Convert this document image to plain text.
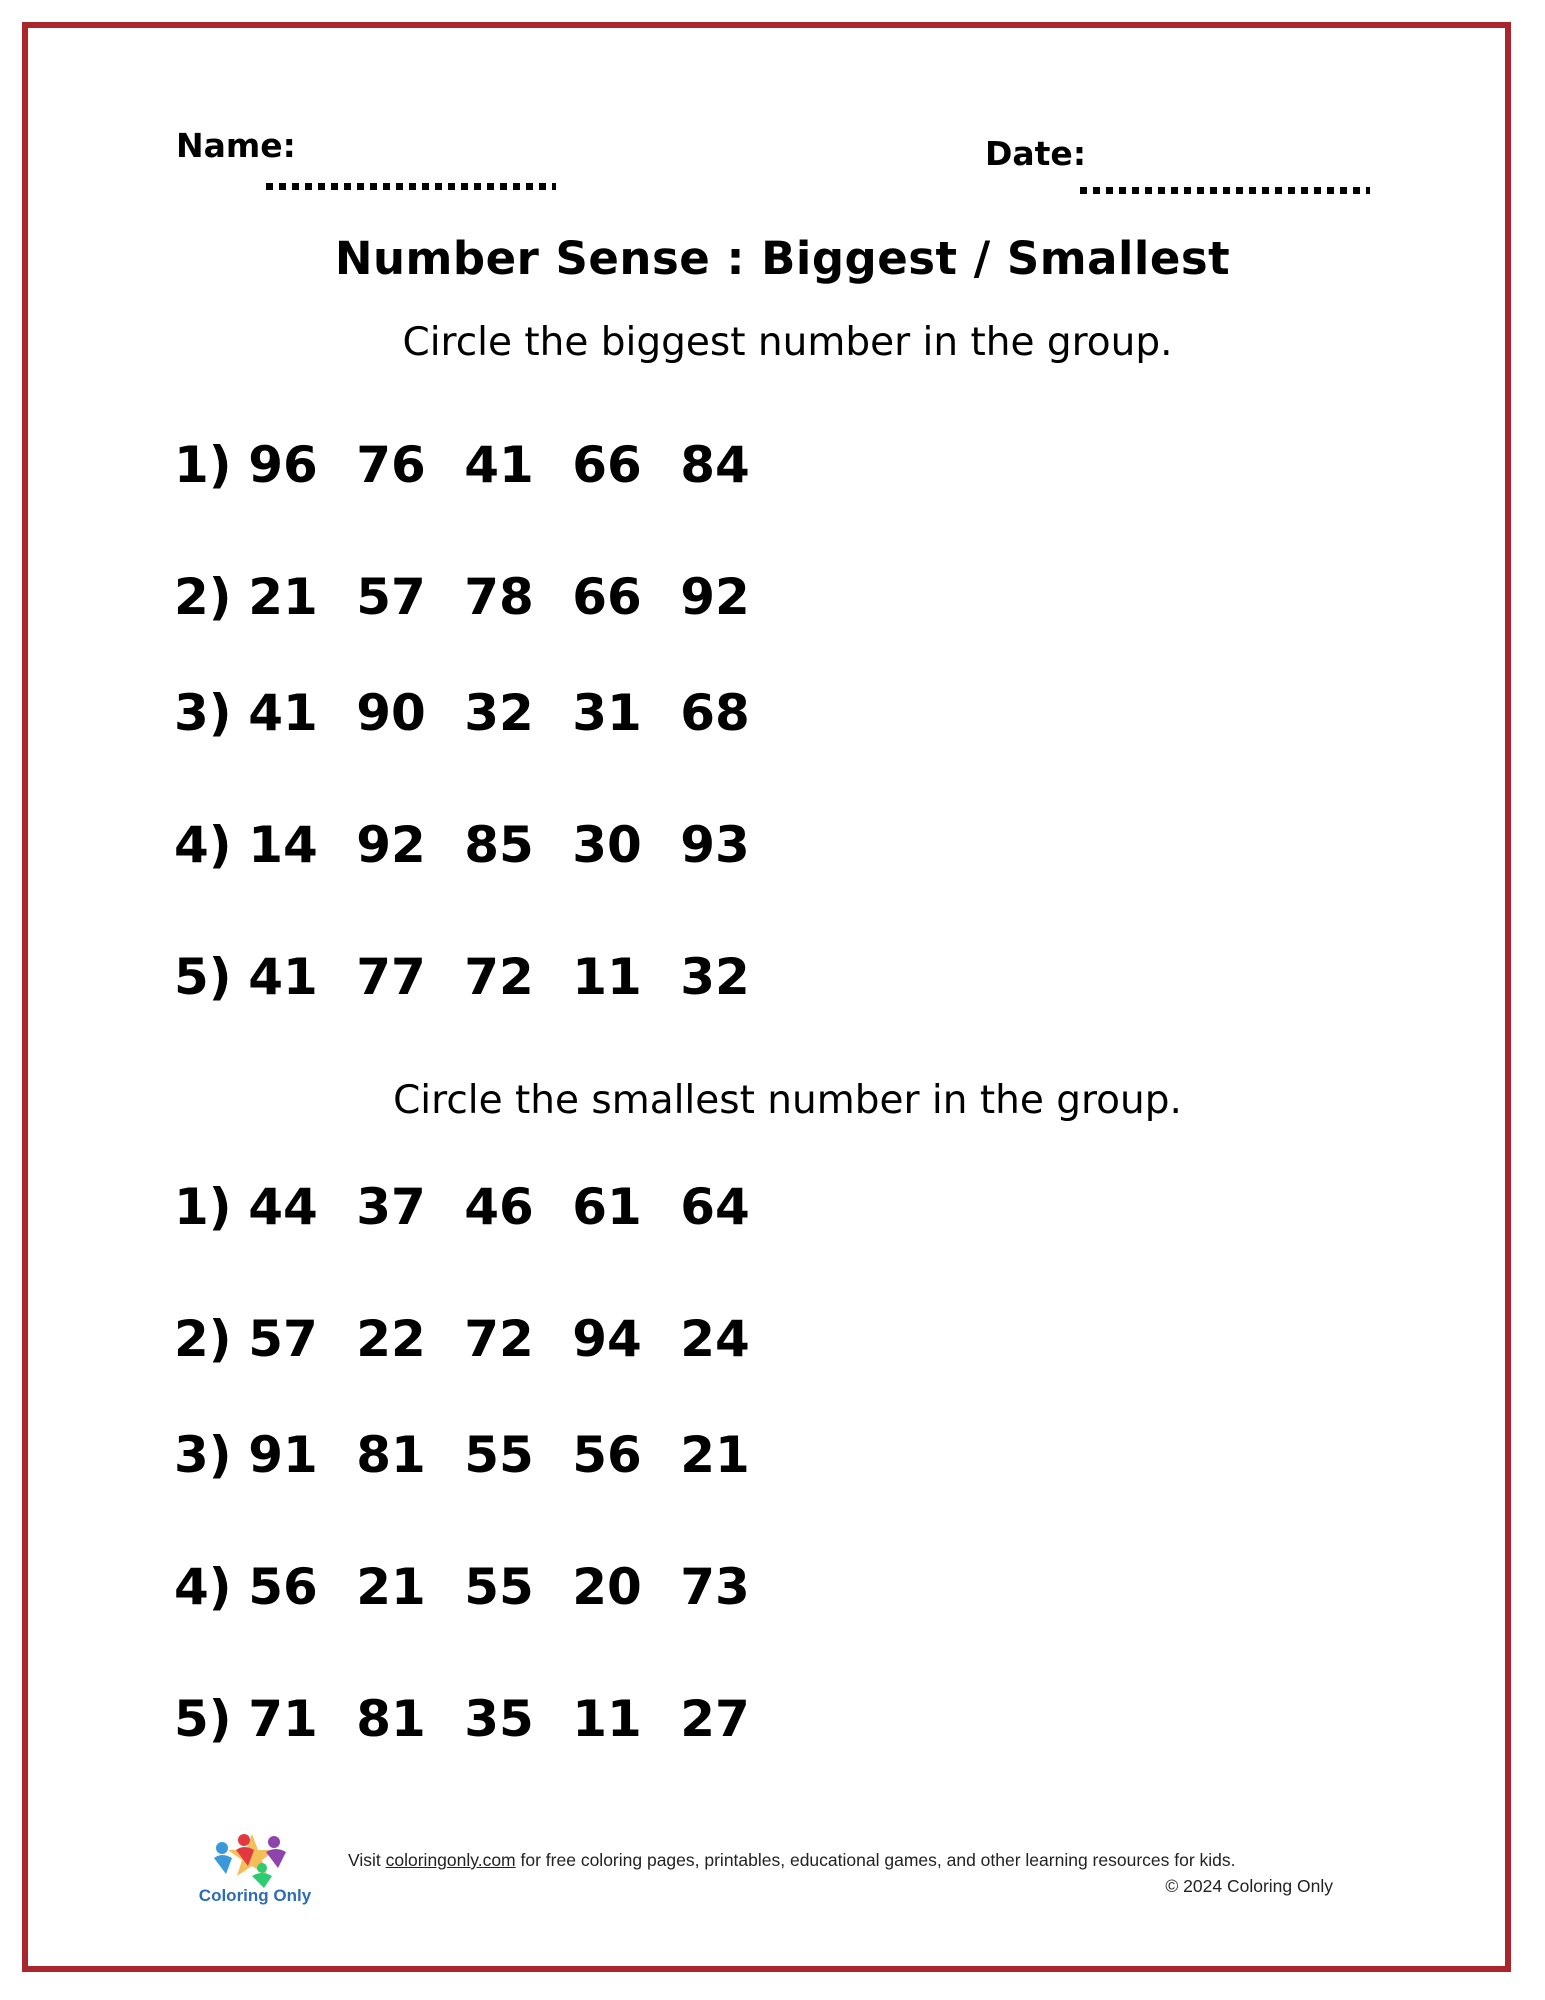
Name:	Date:
Number Sense : Biggest / Smallest
Circle the biggest number in the group.
1) 96 76 41 66 84
2) 21 57 78 66 92
3) 41 90 32 31 68
4) 14 92 85 30 93
5) 41 77 72 11 32
Circle the smallest number in the group.
1) 44 37 46 61 64
2) 57 22 72 94 24
3) 91 81 55 56 21
4) 56 21 55 20 73
5) 71 81 35 11 27
Coloring Only
Visit coloringonly.com for free coloring pages, printables, educational games, and other learning resources for kids.
© 2024 Coloring Only
